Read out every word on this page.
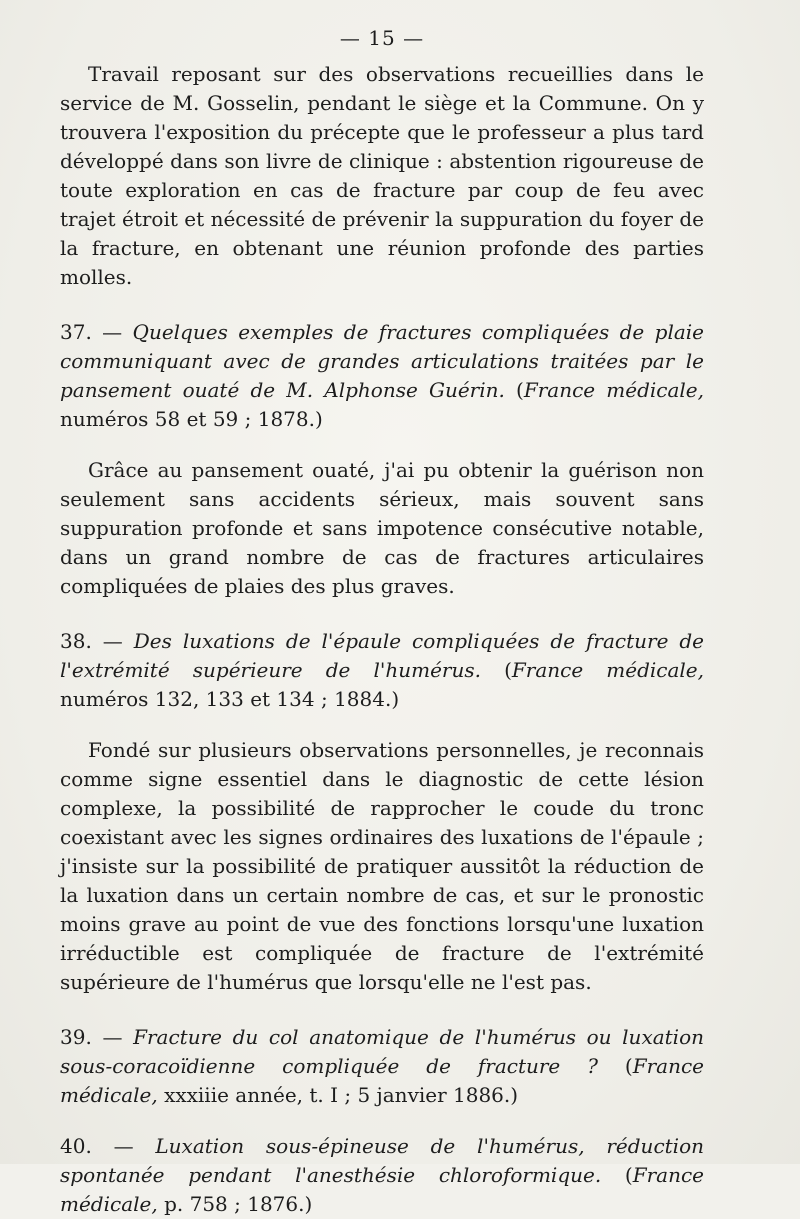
— 15 —

Travail reposant sur des observations recueillies dans le service de M. Gosselin, pendant le siège et la Commune. On y trouvera l'exposition du précepte que le professeur a plus tard développé dans son livre de clinique : abstention rigoureuse de toute exploration en cas de fracture par coup de feu avec trajet étroit et nécessité de prévenir la suppuration du foyer de la fracture, en obtenant une réunion profonde des parties molles.

37. — Quelques exemples de fractures compliquées de plaie communiquant avec de grandes articulations traitées par le pansement ouaté de M. Alphonse Guérin. (France médicale, numéros 58 et 59 ; 1878.)

Grâce au pansement ouaté, j'ai pu obtenir la guérison non seulement sans accidents sérieux, mais souvent sans suppuration profonde et sans impotence consécutive notable, dans un grand nombre de cas de fractures articulaires compliquées de plaies des plus graves.

38. — Des luxations de l'épaule compliquées de fracture de l'extrémité supérieure de l'humérus. (France médicale, numéros 132, 133 et 134 ; 1884.)

Fondé sur plusieurs observations personnelles, je reconnais comme signe essentiel dans le diagnostic de cette lésion complexe, la possibilité de rapprocher le coude du tronc coexistant avec les signes ordinaires des luxations de l'épaule ; j'insiste sur la possibilité de pratiquer aussitôt la réduction de la luxation dans un certain nombre de cas, et sur le pronostic moins grave au point de vue des fonctions lorsqu'une luxation irréductible est compliquée de fracture de l'extrémité supérieure de l'humérus que lorsqu'elle ne l'est pas.

39. — Fracture du col anatomique de l'humérus ou luxation sous-coracoïdienne compliquée de fracture ? (France médicale, xxxiiie année, t. I ; 5 janvier 1886.)

40. — Luxation sous-épineuse de l'humérus, réduction spontanée pendant l'anesthésie chloroformique. (France médicale, p. 758 ; 1876.)
